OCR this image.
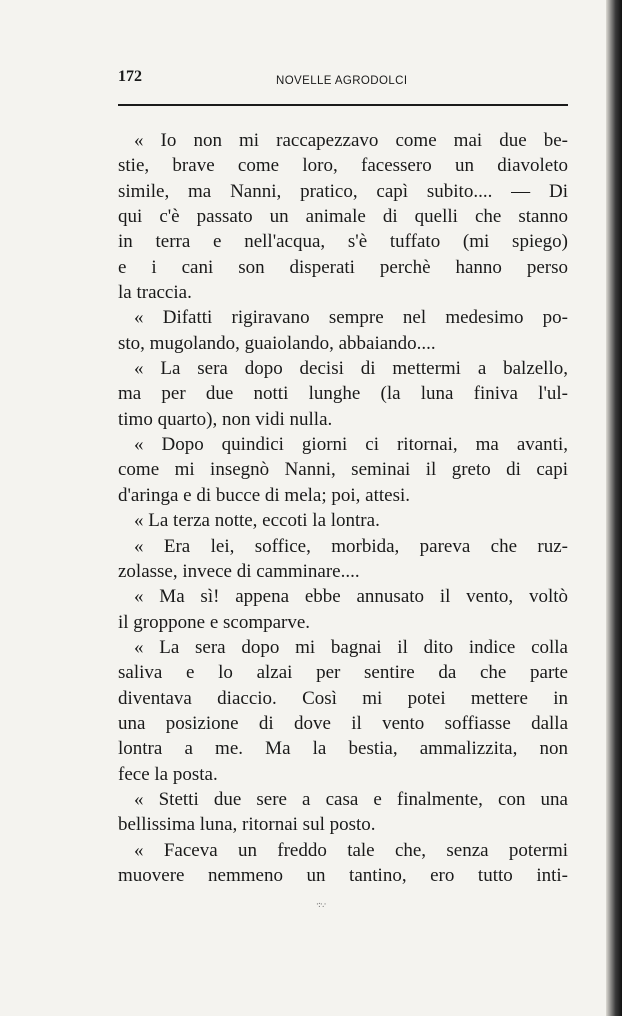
172	NOVELLE AGRODOLCI
« Io non mi raccapezzavo come mai due be-
stie, brave come loro, facessero un diavoleto
simile, ma Nanni, pratico, capì subito.... — Di
qui c'è passato un animale di quelli che stanno
in terra e nell'acqua, s'è tuffato (mi spiego)
e i cani son disperati perchè hanno perso
la traccia.
« Difatti rigiravano sempre nel medesimo po-
sto, mugolando, guaiolando, abbaiando....
« La sera dopo decisi di mettermi a balzello,
ma per due notti lunghe (la luna finiva l'ul-
timo quarto), non vidi nulla.
« Dopo quindici giorni ci ritornai, ma avanti,
come mi insegnò Nanni, seminai il greto di capi
d'aringa e di bucce di mela; poi, attesi.
« La terza notte, eccoti la lontra.
« Era lei, soffice, morbida, pareva che ruz-
zolasse, invece di camminare....
« Ma sì! appena ebbe annusato il vento, voltò
il groppone e scomparve.
« La sera dopo mi bagnai il dito indice colla
saliva e lo alzai per sentire da che parte
diventava diaccio. Così mi potei mettere in
una posizione di dove il vento soffiasse dalla
lontra a me. Ma la bestia, ammalizzita, non
fece la posta.
« Stetti due sere a casa e finalmente, con una
bellissima luna, ritornai sul posto.
« Faceva un freddo tale che, senza potermi
muovere nemmeno un tantino, ero tutto inti-
·:·.·
